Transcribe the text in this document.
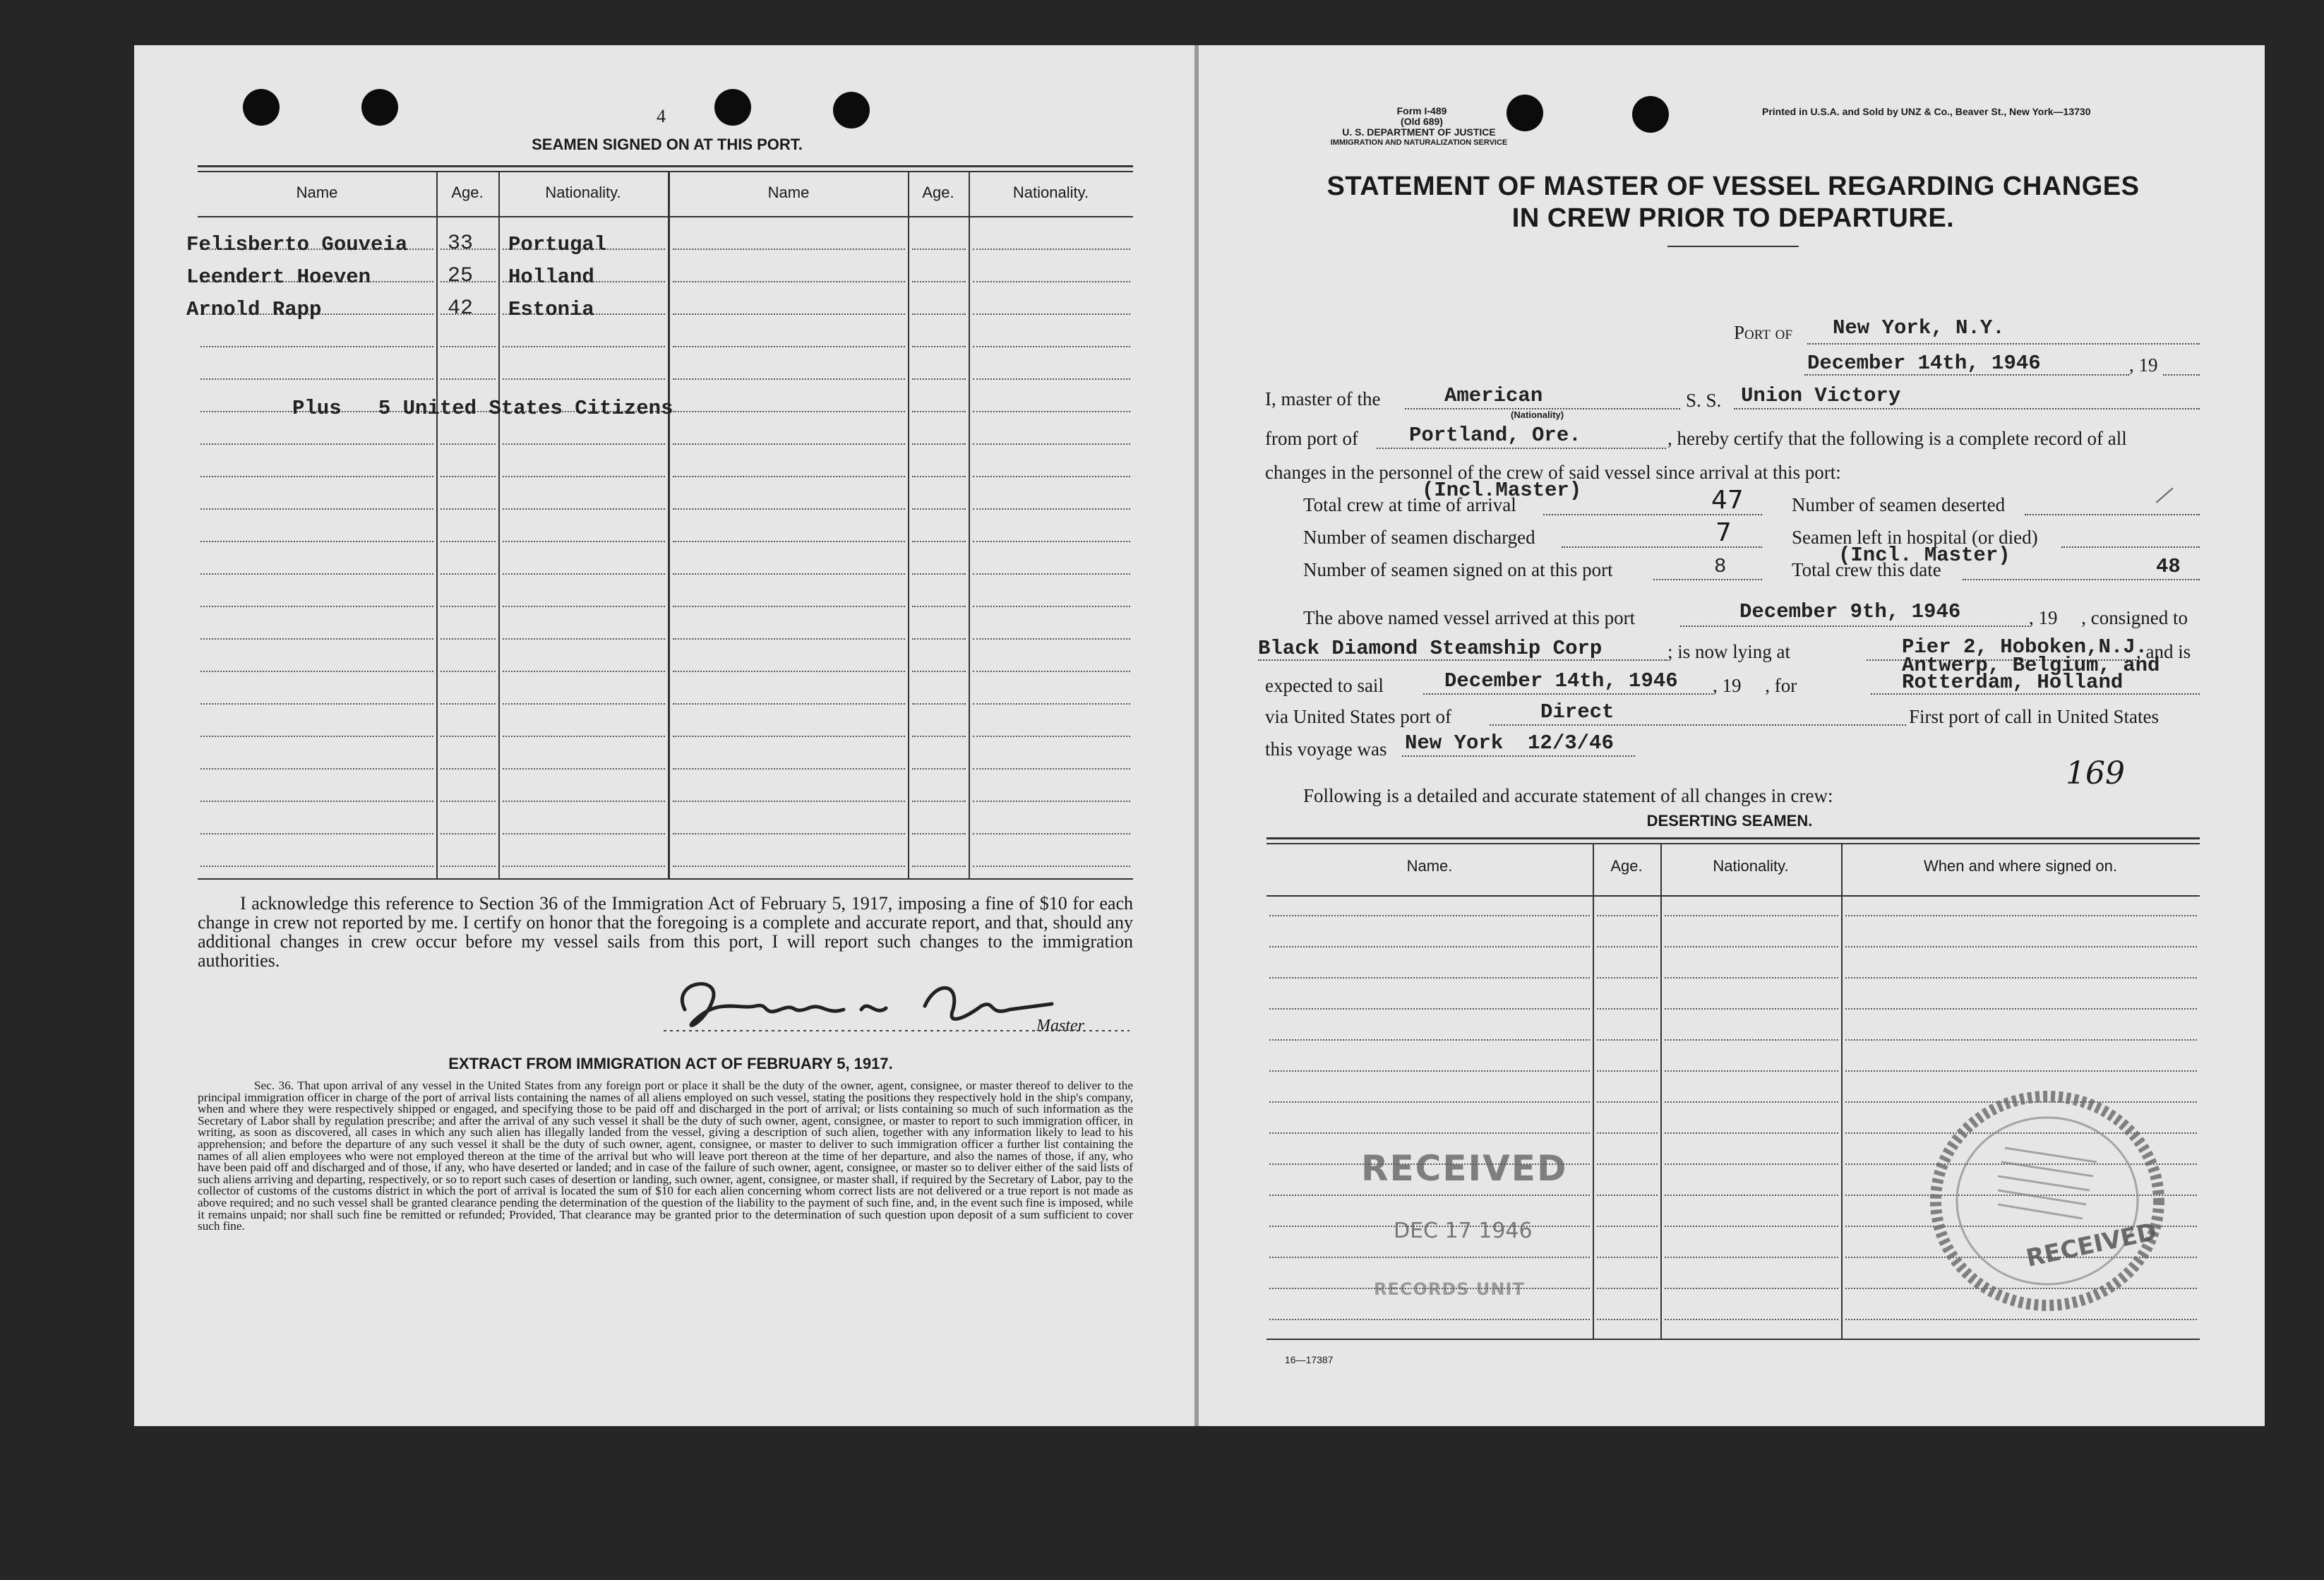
4
SEAMEN SIGNED ON AT THIS PORT.
Name	Age.	Nationality.	Name	Age.	Nationality.
Felisberto Gouveia 33 Portugal
Leendert Hoeven	25 Holland
Arnold Rapp	42 Estonia
Plus   5 United States Citizens
I acknowledge this reference to Section 36 of the Immigration Act of February 5, 1917, imposing a fine of $10 for each change in crew not reported by me. I certify on honor that the foregoing is a complete and accurate report, and that, should any additional changes in crew occur before my vessel sails from this port, I will report such changes to the immigration authorities.
Master
EXTRACT FROM IMMIGRATION ACT OF FEBRUARY 5, 1917.
Sec. 36. That upon arrival of any vessel in the United States from any foreign port or place it shall be the duty of the owner, agent, consignee, or master thereof to deliver to the principal immigration officer in charge of the port of arrival lists containing the names of all aliens employed on such vessel, stating the positions they respectively hold in the ship's company, when and where they were respectively shipped or engaged, and specifying those to be paid off and discharged in the port of arrival; or lists containing so much of such information as the Secretary of Labor shall by regulation prescribe; and after the arrival of any such vessel it shall be the duty of such owner, agent, consignee, or master to report to such immigration officer, in writing, as soon as discovered, all cases in which any such alien has illegally landed from the vessel, giving a description of such alien, together with any information likely to lead to his apprehension; and before the departure of any such vessel it shall be the duty of such owner, agent, consignee, or master to deliver to such immigration officer a further list containing the names of all alien employees who were not employed thereon at the time of the arrival but who will leave port thereon at the time of her departure, and also the names of those, if any, who have been paid off and discharged and of those, if any, who have deserted or landed; and in case of the failure of such owner, agent, consignee, or master so to deliver either of the said lists of such aliens arriving and departing, respectively, or so to report such cases of desertion or landing, such owner, agent, consignee, or master shall, if required by the Secretary of Labor, pay to the collector of customs of the customs district in which the port of arrival is located the sum of $10 for each alien concerning whom correct lists are not delivered or a true report is not made as above required; and no such vessel shall be granted clearance pending the determination of the question of the liability to the payment of such fine, and, in the event such fine is imposed, while it remains unpaid; nor shall such fine be remitted or refunded; Provided, That clearance may be granted prior to the determination of such question upon deposit of a sum sufficient to cover such fine.
Form I-489
(Old 689)
U. S. DEPARTMENT OF JUSTICE
IMMIGRATION AND NATURALIZATION SERVICE
Printed in U.S.A. and Sold by UNZ & Co., Beaver St., New York—13730
STATEMENT OF MASTER OF VESSEL REGARDING CHANGES
IN CREW PRIOR TO DEPARTURE.
Port of New York, N.Y.
December 14th, 1946	, 19
I, master of the	American
(Nationality)
S. S. Union Victory
from port of Portland, Ore.	, hereby certify that the following is a complete record of all
changes in the personnel of the crew of said vessel since arrival at this port:
(Incl.Master)
Total crew at time of arrival	47	Number of seamen deserted	/
Number of seamen discharged	7	Seamen left in hospital (or died)
(Incl. Master)
Number of seamen signed on at this port	8	Total crew this date	48
The above named vessel arrived at this port	December 9th, 1946	, 19     , consigned to
Black Diamond Steamship Corp	; is now lying at	Pier 2, Hoboken,N.J.
, and is
Antwerp, Belgium, and
expected to sail	December 14th, 1946 , 19     , for	Rotterdam, Holland
via United States port of	Direct	First port of call in United States
this voyage was New York  12/3/46
169
Following is a detailed and accurate statement of all changes in crew:
DESERTING SEAMEN.
Name.	Age.	Nationality.	When and where signed on.
RECEIVED
DEC 17 1946
RECORDS UNIT
RECEIVED
16—17387
